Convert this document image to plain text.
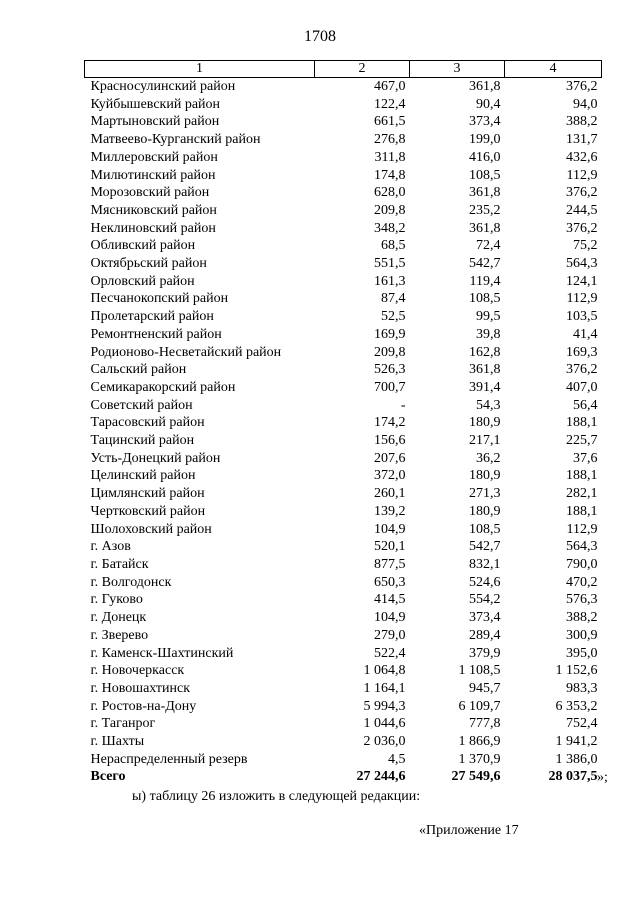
1708
1	2	3	4
Красносулинский район	467,0	361,8	376,2
Куйбышевский район	122,4	90,4	94,0
Мартыновский район	661,5	373,4	388,2
Матвеево-Курганский район	276,8	199,0	131,7
Миллеровский район	311,8	416,0	432,6
Милютинский район	174,8	108,5	112,9
Морозовский район	628,0	361,8	376,2
Мясниковский район	209,8	235,2	244,5
Неклиновский район	348,2	361,8	376,2
Обливский район	68,5	72,4	75,2
Октябрьский район	551,5	542,7	564,3
Орловский район	161,3	119,4	124,1
Песчанокопский район	87,4	108,5	112,9
Пролетарский район	52,5	99,5	103,5
Ремонтненский район	169,9	39,8	41,4
Родионово-Несветайский район	209,8	162,8	169,3
Сальский район	526,3	361,8	376,2
Семикаракорский район	700,7	391,4	407,0
Советский район	-	54,3	56,4
Тарасовский район	174,2	180,9	188,1
Тацинский район	156,6	217,1	225,7
Усть-Донецкий район	207,6	36,2	37,6
Целинский район	372,0	180,9	188,1
Цимлянский район	260,1	271,3	282,1
Чертковский район	139,2	180,9	188,1
Шолоховский район	104,9	108,5	112,9
г. Азов	520,1	542,7	564,3
г. Батайск	877,5	832,1	790,0
г. Волгодонск	650,3	524,6	470,2
г. Гуково	414,5	554,2	576,3
г. Донецк	104,9	373,4	388,2
г. Зверево	279,0	289,4	300,9
г. Каменск-Шахтинский	522,4	379,9	395,0
г. Новочеркасск	1 064,8	1 108,5	1 152,6
г. Новошахтинск	1 164,1	945,7	983,3
г. Ростов-на-Дону	5 994,3	6 109,7	6 353,2
г. Таганрог	1 044,6	777,8	752,4
г. Шахты	2 036,0	1 866,9	1 941,2
Нераспределенный резерв	4,5	1 370,9	1 386,0
Всего	27 244,6	27 549,6	28 037,5 »;
ы) таблицу 26 изложить в следующей редакции:
«Приложение 17
